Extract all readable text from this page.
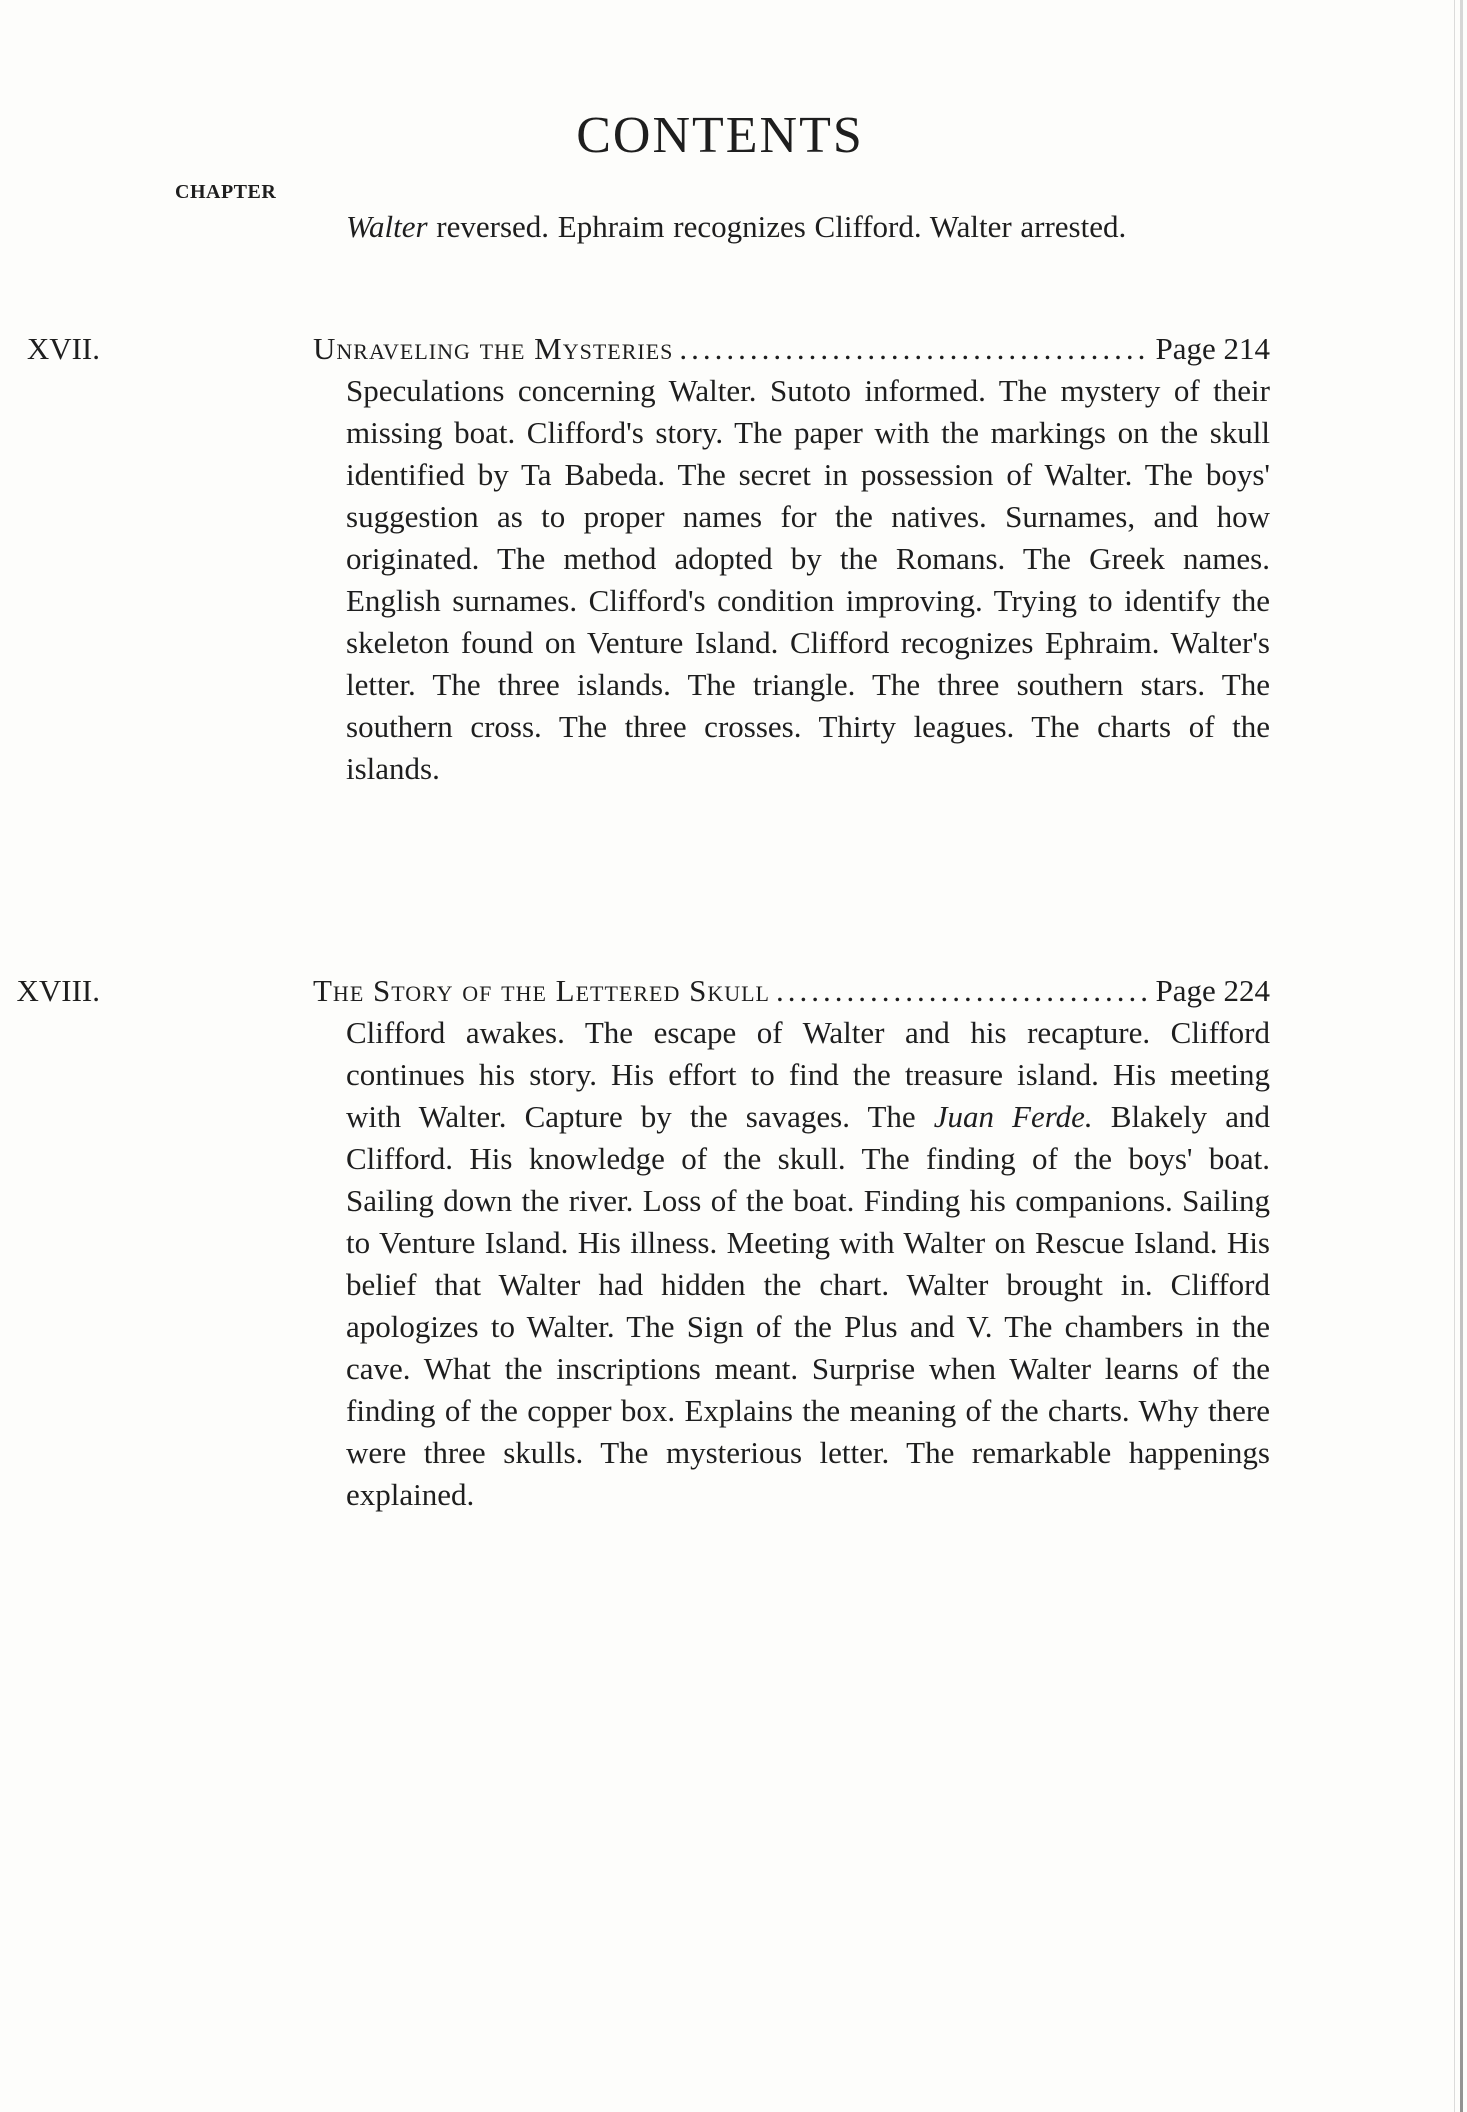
CONTENTS
CHAPTER
Walter reversed. Ephraim recognizes Clifford. Walter arrested.
XVII.	Unraveling the Mysteries .....	Page 214
Speculations concerning Walter. Sutoto informed. The mystery of their missing boat. Clifford's story. The paper with the markings on the skull identified by Ta Babeda. The secret in possession of Walter. The boys' suggestion as to proper names for the natives. Surnames, and how originated. The method adopted by the Romans. The Greek names. English surnames. Clifford's condition improving. Trying to identify the skeleton found on Venture Island. Clifford recognizes Ephraim. Walter's letter. The three islands. The triangle. The three southern stars. The southern cross. The three crosses. Thirty leagues. The charts of the islands.
XVIII.	The Story of the Lettered Skull .....	Page 224
Clifford awakes. The escape of Walter and his recapture. Clifford continues his story. His effort to find the treasure island. His meeting with Walter. Capture by the savages. The Juan Ferde. Blakely and Clifford. His knowledge of the skull. The finding of the boys' boat. Sailing down the river. Loss of the boat. Finding his companions. Sailing to Venture Island. His illness. Meeting with Walter on Rescue Island. His belief that Walter had hidden the chart. Walter brought in. Clifford apologizes to Walter. The Sign of the Plus and V. The chambers in the cave. What the inscriptions meant. Surprise when Walter learns of the finding of the copper box. Explains the meaning of the charts. Why there were three skulls. The mysterious letter. The remarkable happenings explained.
